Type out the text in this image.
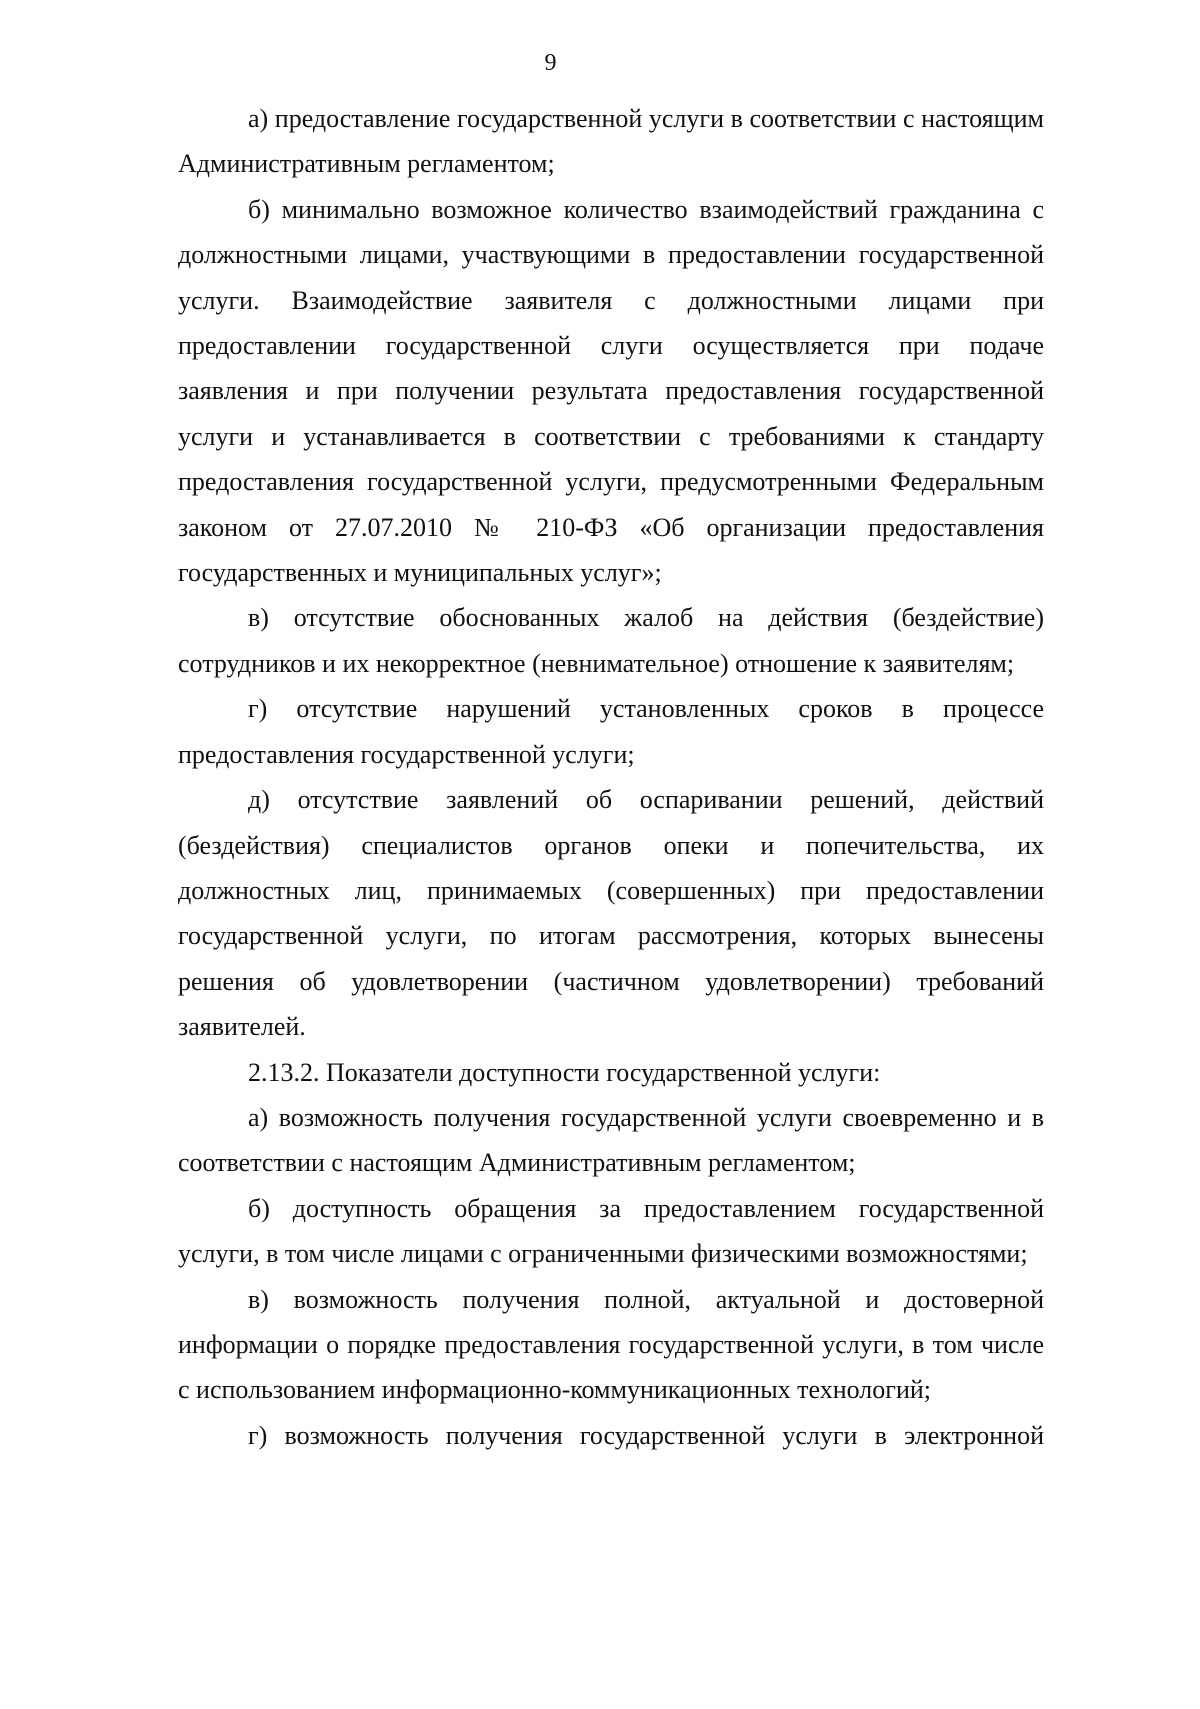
9

а) предоставление государственной услуги в соответствии с настоящим Административным регламентом;

б) минимально возможное количество взаимодействий гражданина с должностными лицами, участвующими в предоставлении государственной услуги. Взаимодействие заявителя с должностными лицами при предоставлении государственной слуги осуществляется при подаче заявления и при получении результата предоставления государственной услуги и устанавливается в соответствии с требованиями к стандарту предоставления государственной услуги, предусмотренными Федеральным законом от 27.07.2010 № 210-ФЗ «Об организации предоставления государственных и муниципальных услуг»;

в) отсутствие обоснованных жалоб на действия (бездействие) сотрудников и их некорректное (невнимательное) отношение к заявителям;

г) отсутствие нарушений установленных сроков в процессе предоставления государственной услуги;

д) отсутствие заявлений об оспаривании решений, действий (бездействия) специалистов органов опеки и попечительства, их должностных лиц, принимаемых (совершенных) при предоставлении государственной услуги, по итогам рассмотрения, которых вынесены решения об удовлетворении (частичном удовлетворении) требований заявителей.

2.13.2. Показатели доступности государственной услуги:

а) возможность получения государственной услуги своевременно и в соответствии с настоящим Административным регламентом;

б) доступность обращения за предоставлением государственной услуги, в том числе лицами с ограниченными физическими возможностями;

в) возможность получения полной, актуальной и достоверной информации о порядке предоставления государственной услуги, в том числе с использованием информационно-коммуникационных технологий;

г) возможность получения государственной услуги в электронной
